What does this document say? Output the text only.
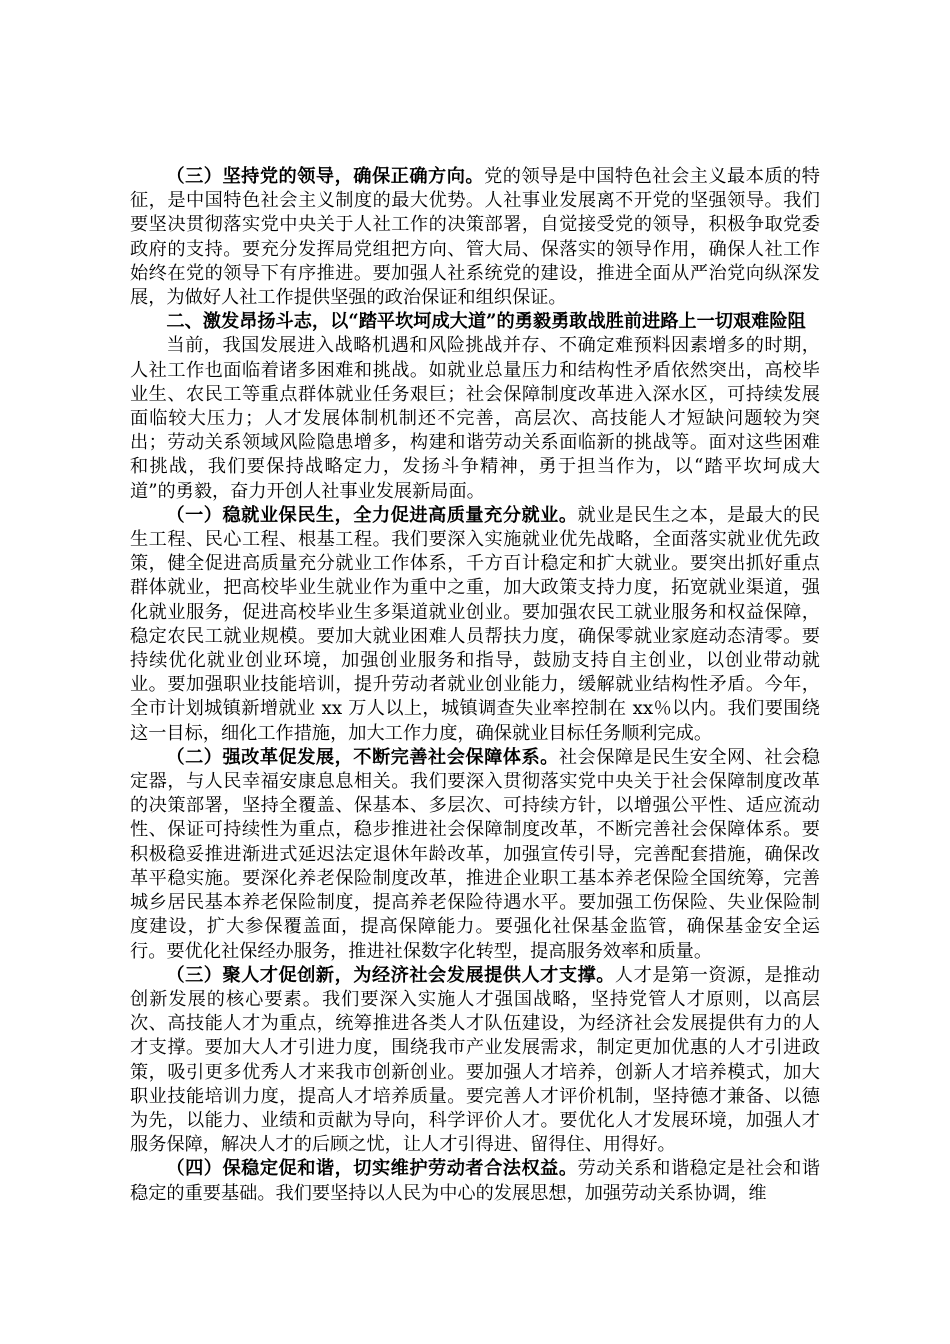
（三）坚持党的领导，确保正确方向。党的领导是中国特色社会主义最本质的特征，是中国特色社会主义制度的最大优势。人社事业发展离不开党的坚强领导。我们要坚决贯彻落实党中央关于人社工作的决策部署，自觉接受党的领导，积极争取党委政府的支持。要充分发挥局党组把方向、管大局、保落实的领导作用，确保人社工作始终在党的领导下有序推进。要加强人社系统党的建设，推进全面从严治党向纵深发展，为做好人社工作提供坚强的政治保证和组织保证。

二、激发昂扬斗志，以“踏平坎坷成大道”的勇毅勇敢战胜前进路上一切艰难险阻

当前，我国发展进入战略机遇和风险挑战并存、不确定难预料因素增多的时期，人社工作也面临着诸多困难和挑战。如就业总量压力和结构性矛盾依然突出，高校毕业生、农民工等重点群体就业任务艰巨；社会保障制度改革进入深水区，可持续发展面临较大压力；人才发展体制机制还不完善，高层次、高技能人才短缺问题较为突出；劳动关系领域风险隐患增多，构建和谐劳动关系面临新的挑战等。面对这些困难和挑战，我们要保持战略定力，发扬斗争精神，勇于担当作为，以“踏平坎坷成大道”的勇毅，奋力开创人社事业发展新局面。

（一）稳就业保民生，全力促进高质量充分就业。就业是民生之本，是最大的民生工程、民心工程、根基工程。我们要深入实施就业优先战略，全面落实就业优先政策，健全促进高质量充分就业工作体系，千方百计稳定和扩大就业。要突出抓好重点群体就业，把高校毕业生就业作为重中之重，加大政策支持力度，拓宽就业渠道，强化就业服务，促进高校毕业生多渠道就业创业。要加强农民工就业服务和权益保障，稳定农民工就业规模。要加大就业困难人员帮扶力度，确保零就业家庭动态清零。要持续优化就业创业环境，加强创业服务和指导，鼓励支持自主创业，以创业带动就业。要加强职业技能培训，提升劳动者就业创业能力，缓解就业结构性矛盾。今年，全市计划城镇新增就业 xx 万人以上，城镇调查失业率控制在 xx％以内。我们要围绕这一目标，细化工作措施，加大工作力度，确保就业目标任务顺利完成。

（二）强改革促发展，不断完善社会保障体系。社会保障是民生安全网、社会稳定器，与人民幸福安康息息相关。我们要深入贯彻落实党中央关于社会保障制度改革的决策部署，坚持全覆盖、保基本、多层次、可持续方针，以增强公平性、适应流动性、保证可持续性为重点，稳步推进社会保障制度改革，不断完善社会保障体系。要积极稳妥推进渐进式延迟法定退休年龄改革，加强宣传引导，完善配套措施，确保改革平稳实施。要深化养老保险制度改革，推进企业职工基本养老保险全国统筹，完善城乡居民基本养老保险制度，提高养老保险待遇水平。要加强工伤保险、失业保险制度建设，扩大参保覆盖面，提高保障能力。要强化社保基金监管，确保基金安全运行。要优化社保经办服务，推进社保数字化转型，提高服务效率和质量。

（三）聚人才促创新，为经济社会发展提供人才支撑。人才是第一资源，是推动创新发展的核心要素。我们要深入实施人才强国战略，坚持党管人才原则，以高层次、高技能人才为重点，统筹推进各类人才队伍建设，为经济社会发展提供有力的人才支撑。要加大人才引进力度，围绕我市产业发展需求，制定更加优惠的人才引进政策，吸引更多优秀人才来我市创新创业。要加强人才培养，创新人才培养模式，加大职业技能培训力度，提高人才培养质量。要完善人才评价机制，坚持德才兼备、以德为先，以能力、业绩和贡献为导向，科学评价人才。要优化人才发展环境，加强人才服务保障，解决人才的后顾之忧，让人才引得进、留得住、用得好。

（四）保稳定促和谐，切实维护劳动者合法权益。劳动关系和谐稳定是社会和谐稳定的重要基础。我们要坚持以人民为中心的发展思想，加强劳动关系协调，维
